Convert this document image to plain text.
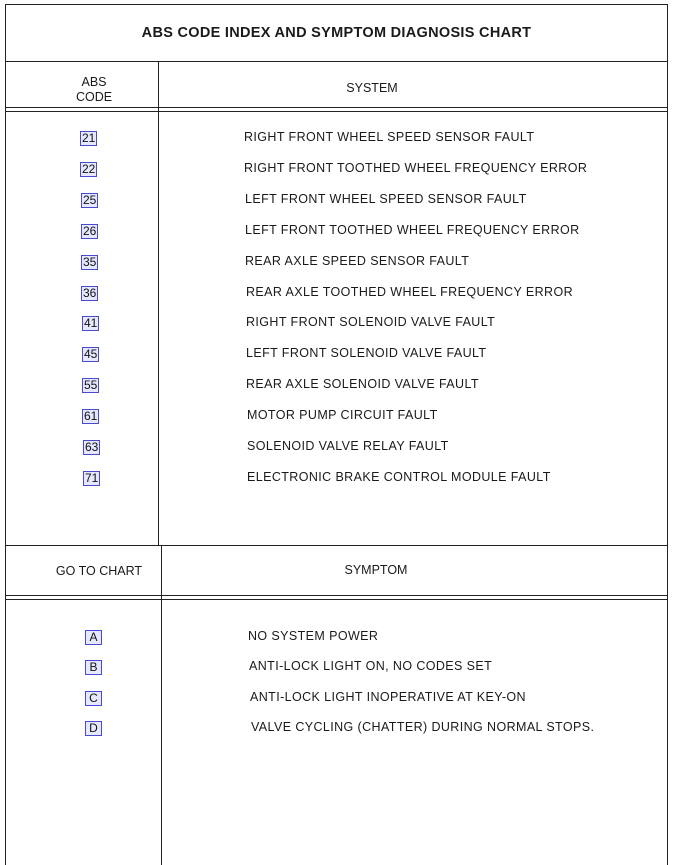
ABS CODE INDEX AND SYMPTOM DIAGNOSIS CHART
ABS
CODE
SYSTEM
21	RIGHT FRONT WHEEL SPEED SENSOR FAULT
22	RIGHT FRONT TOOTHED WHEEL FREQUENCY ERROR
25	LEFT FRONT WHEEL SPEED SENSOR FAULT
26	LEFT FRONT TOOTHED WHEEL FREQUENCY ERROR
35	REAR AXLE SPEED SENSOR FAULT
36	REAR AXLE TOOTHED WHEEL FREQUENCY ERROR
41	RIGHT FRONT SOLENOID VALVE FAULT
45	LEFT FRONT SOLENOID VALVE FAULT
55	REAR AXLE SOLENOID VALVE FAULT
61	MOTOR PUMP CIRCUIT FAULT
63	SOLENOID VALVE RELAY FAULT
71	ELECTRONIC BRAKE CONTROL MODULE FAULT
GO TO CHART	SYMPTOM
A	NO SYSTEM POWER
B	ANTI-LOCK LIGHT ON, NO CODES SET
C	ANTI-LOCK LIGHT INOPERATIVE AT KEY-ON
D	VALVE CYCLING (CHATTER) DURING NORMAL STOPS.
